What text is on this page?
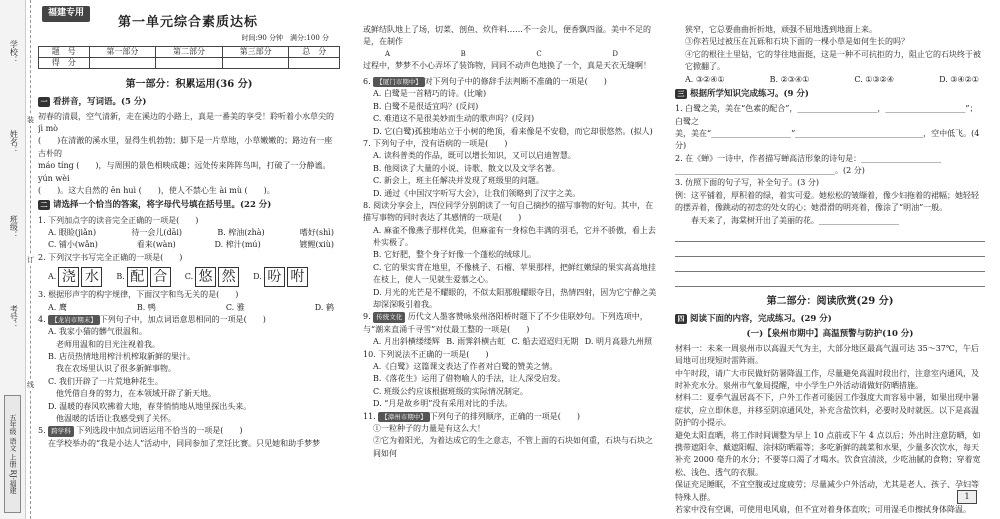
学校：
姓名：
班级：
考号：
五年级 语文 上册 RJ·福建
装
订
线
福建专用
第一单元综合素质达标
时间:90 分钟　满分:100 分
题　号	第一部分	第二部分	第三部分	总　分
得　分				
第一部分：积累运用(36 分)
一 看拼音，写词语。(5 分)
初春的清晨，空气清新，走在溪边的小路上，真是一番美的享受！聆听着小水草尖的 jì mò
(　　)在清澈的溪水里，显得生机勃勃；脚下是一片草地，小草嫩嫩的；路边有一座古朴的
máo tíng (　　)，与周围的景色相映成趣；远处传来阵阵鸟叫，打破了一分静谧。yún wèi
(　　)。这大自然的 ēn huì (　　)，使人不禁心生 ài mù (　　)。
二 请选择一个恰当的答案，将字母代号填在括号里。(22 分)
1. 下列加点字的读音完全正确的一项是(　　)
A. 眼睑(jiǎn)	待一会儿(dāi)	B. 榨油(zhà)	嗜好(shì)
C. 铺小(wǎn)	看来(wàn)	D. 榨汁(mú)	镀鲤(xiù)
2. 下列汉字书写完全正确的一项是(　　)
A. 浇 水	B. 配 合	C. 悠 然	D. 吩 咐
3. 根据形声字的构字规律，下面汉字和鸟无关的是(　　)
A. 鹰	B. 鸭	C. 雅	D. 鹤
4. 【龙岩市期末】 下列句子中，加点词语意思相同的一项是(　　)
A. 我家小猫的髒气很温和。
　老师用温和的目光注视着我。
B. 店员热情地用榨汁机榨取新鲜的果汁。
　我在农场里认识了很多新鲜事物。
C. 我们开辟了一片荒地种花生。
　他凭借自身的努力，在本领域开辟了新天地。
D. 温暖的春风吹拂着大地，春芽悄悄地从地里探出头来。
　他温暖的话语让我感受到了关怀。
5. 跨学科 下列选段中加点词语运用不恰当的一项是(　　)
在学校举办的“我是小达人”活动中，同同参加了烹饪比赛。只见她和助手梦梦
或鲜结队地上了场，切菜、剖鱼、炊件料……不一会儿，便香飘四溢。美中不足的是，在制作
A	B	C	D
过程中，梦梦不小心弄坏了装饰物，同同不动声色地换了一个，真是天衣无缝啊！
6. 【厦门市期中】 对下列句子中的修辞手法判断不准确的一项是(　　)
A. 白鹭是一首精巧的诗。(比喻)
B. 白鹭不是很适宜吗？(反问)
C. 难道这不是很美妙而生动的歌声吗？(反问)
D. 它(白鹭)孤独地站立于小树的绝顶，看来像是不安稳，而它却很悠然。(拟人)
7. 下列句子中，没有语病的一项是(　　)
A. 读科普类的作品，既可以增长知识，又可以启迪智慧。
B. 他阅读了大量的小说、诗歌、散文以及文学名著。
C. 新会上，班主任解决并发现了班级里的问题。
D. 通过《中国汉字听写大会》，让我们领略到了汉字之美。
8. 阅读分享会上，四位同学分别朗读了一句自己摘抄的描写事物的好句。其中，在描写事物的同时表达了其感情的一项是(　　)
A. 麻雀不像燕子那样优美，但麻雀有一身棕色丰满的羽毛，它并不骄傲，看上去朴实极了。
B. 它好肥，整个身子好像一个蓬松的绒球儿。
C. 它的果实背在地里，不像桃子、石榴、苹果那样，把鲜红嫩绿的果实高高地挂在枝上，使人一见就生爱慕之心。
D. 月光的光芒是不耀眼的，不似太阳那般耀眼夺目，热情四射，因为它宁静之美却深深吸引着我。
9. 传统文化 历代文人墨客赞咏泉州洛阳桥时题下了不少佳联妙句。下列选项中，与“潮来直涌千寻雪”对仗最工整的一项是(　　)
A. 月出斜横缕缕辉 B. 雨霁斜横古虹 C. 船去迢迢归无期 D. 明月高悬九州照
10. 下列说法不正确的一项是(　　)
A.《白鹭》这篇课文表达了作者对白鹭的赞美之情。
B.《落花生》运用了借物喻人的手法，让人深受启发。
C. 班级公约应该根据班级的实际情况制定。
D. “月是故乡明”没有采用对比的手法。
11. 【漳州市期中】 下列句子的排列顺序，正确的一项是(　　)
①一粒种子的力量是有这么大！
②它为着阳光，为着达成它的生之意志，不管上面的石块如何重，石块与石块之间如何
狭窄，它总要曲曲折折地，顽强不屈地透到地面上来。
③你若见过被压在瓦砾和石块下面的一棵小草是如何生长的吗？
④它的根往土里钻，它的芽往地面挺，这是一种不可抗拒的力，阻止它的石块终于被它掀翻了。
A. ③②④①	B. ②③④①	C. ①③②④	D. ③④②①
三 根据所学知识完成练习。(9 分)
1. 白鹭之美，美在“色素的配合”，____________________，____________________”；白鹭之
美，美在“____________________”________________________________，空中低飞。(4 分)
2. 在《蝉》一诗中，作者描写蝉高洁形象的诗句是：____________________
________________________________________。(2 分)
3. 仿照下面的句子写，补全句子。(3 分)
例：这平铺着，厚积着的绿，着实可爱。她松松的皱缬着，像少妇拖着的裙幅；她轻轻的摆弄着，像跳动的初恋的处女的心；她滑滑的明亮着，像涂了“明油”一般。
　　春天来了，海棠树开出了美丽的花。____________________
第二部分：阅读欣赏(29 分)
四 阅读下面的内容，完成练习。(29 分)
(一)【泉州市期中】高温预警与防护(10 分)
材料一：未来一周泉州市以高温天气为主，大部分地区最高气温可达 35～37℃，午后局地可出现短时雷阵雨。
中午时段，请广大市民做好防暑降温工作，尽量避免高温时段出行，注意室内通风，及时补充水分。泉州市气象局提醒，中小学生户外活动请做好防晒措施。
材料二：夏季气温居高不下，户外工作者可能因工作强度大而容易中暑，如果出现中暑症状，应立即休息，并移至阴凉通风处，补充含盐饮料，必要时及时就医。以下是高温防护的小提示。
避免太阳直晒，将工作时间调整为早上 10 点前或下午 4 点以后；外出时注意防晒，如携带遮阳伞、戴遮阳帽、涂抹防晒霜等；多吃新鲜的蔬菜和水果，少量多次饮水，每天补充 2000 毫升的水分；不要等口渴了才喝水。饮食宜清淡，少吃油腻的食物；穿着宽松、浅色、透气的衣服。
保证充足睡眠，不宜空腹或过度疲劳；尽量减少户外活动，尤其是老人、孩子、孕妇等特殊人群。
若家中没有空调，可使用电风扇，但不宜对着身体直吹；可用湿毛巾擦拭身体降温。
1
